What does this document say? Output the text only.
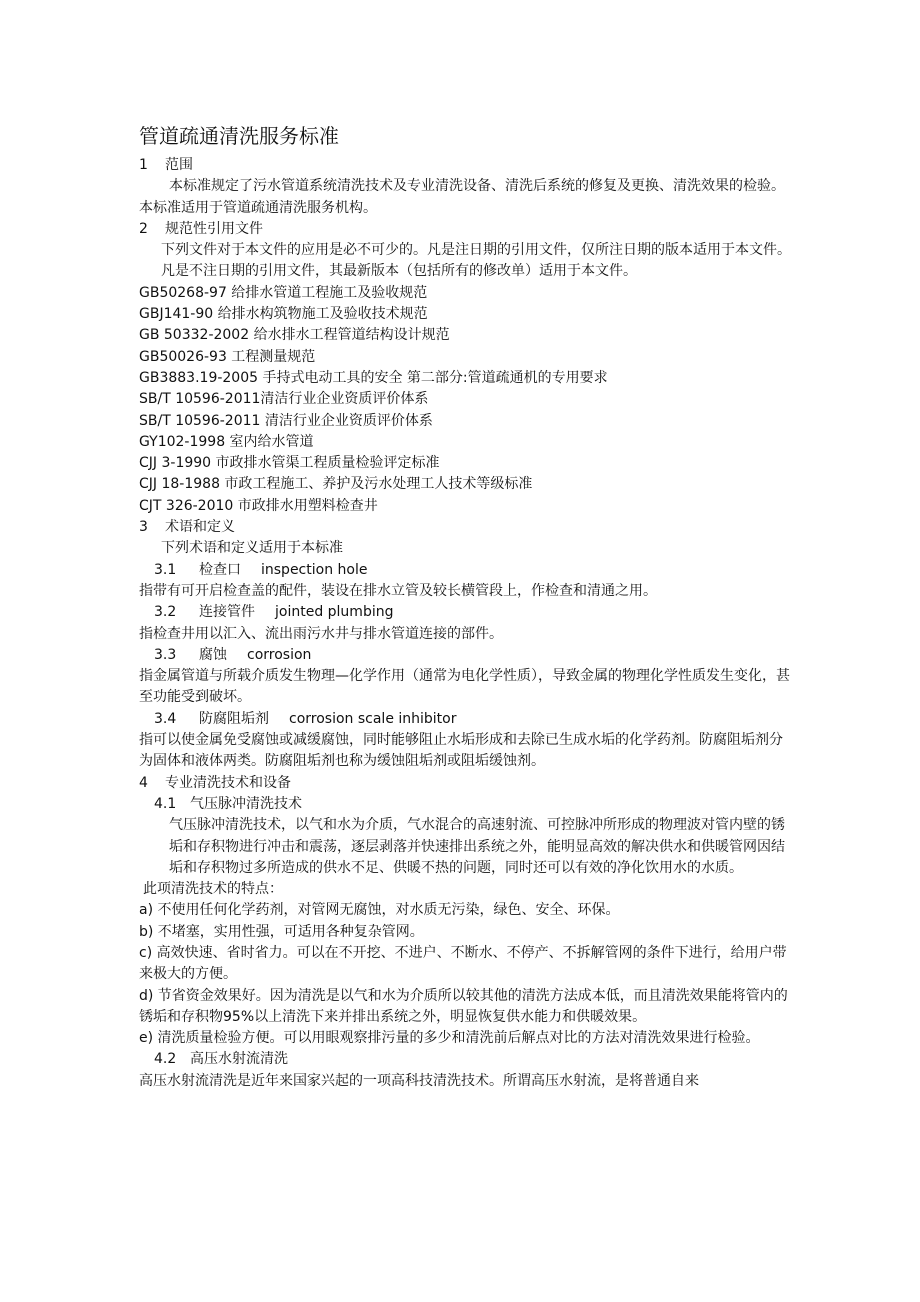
管道疏通清洗服务标准

1 范围

本标准规定了污水管道系统清洗技术及专业清洗设备、清洗后系统的修复及更换、清洗效果的检验。

本标准适用于管道疏通清洗服务机构。

2 规范性引用文件

下列文件对于本文件的应用是必不可少的。凡是注日期的引用文件，仅所注日期的版本适用于本文件。凡是不注日期的引用文件，其最新版本（包括所有的修改单）适用于本文件。

GB50268-97 给排水管道工程施工及验收规范

GBJ141-90 给排水构筑物施工及验收技术规范

GB 50332-2002 给水排水工程管道结构设计规范

GB50026-93 工程测量规范

GB3883.19-2005 手持式电动工具的安全 第二部分:管道疏通机的专用要求

SB/T 10596-2011清洁行业企业资质评价体系

SB/T 10596-2011 清洁行业企业资质评价体系

GY102-1998 室内给水管道

CJJ 3-1990 市政排水管渠工程质量检验评定标准

CJJ 18-1988 市政工程施工、养护及污水处理工人技术等级标准

CJT 326-2010 市政排水用塑料检查井

3 术语和定义

下列术语和定义适用于本标准

3.1 检查口 inspection hole

指带有可开启检查盖的配件，装设在排水立管及较长横管段上，作检查和清通之用。

3.2 连接管件 jointed plumbing

指检查井用以汇入、流出雨污水井与排水管道连接的部件。

3.3 腐蚀 corrosion

指金属管道与所载介质发生物理—化学作用（通常为电化学性质），导致金属的物理化学性质发生变化，甚至功能受到破坏。

3.4 防腐阻垢剂 corrosion scale inhibitor

指可以使金属免受腐蚀或减缓腐蚀，同时能够阻止水垢形成和去除已生成水垢的化学药剂。防腐阻垢剂分为固体和液体两类。防腐阻垢剂也称为缓蚀阻垢剂或阻垢缓蚀剂。

4 专业清洗技术和设备

4.1 气压脉冲清洗技术

气压脉冲清洗技术，以气和水为介质，气水混合的高速射流、可控脉冲所形成的物理波对管内壁的锈垢和存积物进行冲击和震荡，逐层剥落并快速排出系统之外，能明显高效的解决供水和供暖管网因结垢和存积物过多所造成的供水不足、供暖不热的问题，同时还可以有效的净化饮用水的水质。

此项清洗技术的特点：

a) 不使用任何化学药剂，对管网无腐蚀，对水质无污染，绿色、安全、环保。

b) 不堵塞，实用性强，可适用各种复杂管网。

c) 高效快速、省时省力。可以在不开挖、不进户、不断水、不停产、不拆解管网的条件下进行，给用户带来极大的方便。

d) 节省资金效果好。因为清洗是以气和水为介质所以较其他的清洗方法成本低，而且清洗效果能将管内的锈垢和存积物95%以上清洗下来并排出系统之外，明显恢复供水能力和供暖效果。

e) 清洗质量检验方便。可以用眼观察排污量的多少和清洗前后解点对比的方法对清洗效果进行检验。

4.2 高压水射流清洗

高压水射流清洗是近年来国家兴起的一项高科技清洗技术。所谓高压水射流，是将普通自来
